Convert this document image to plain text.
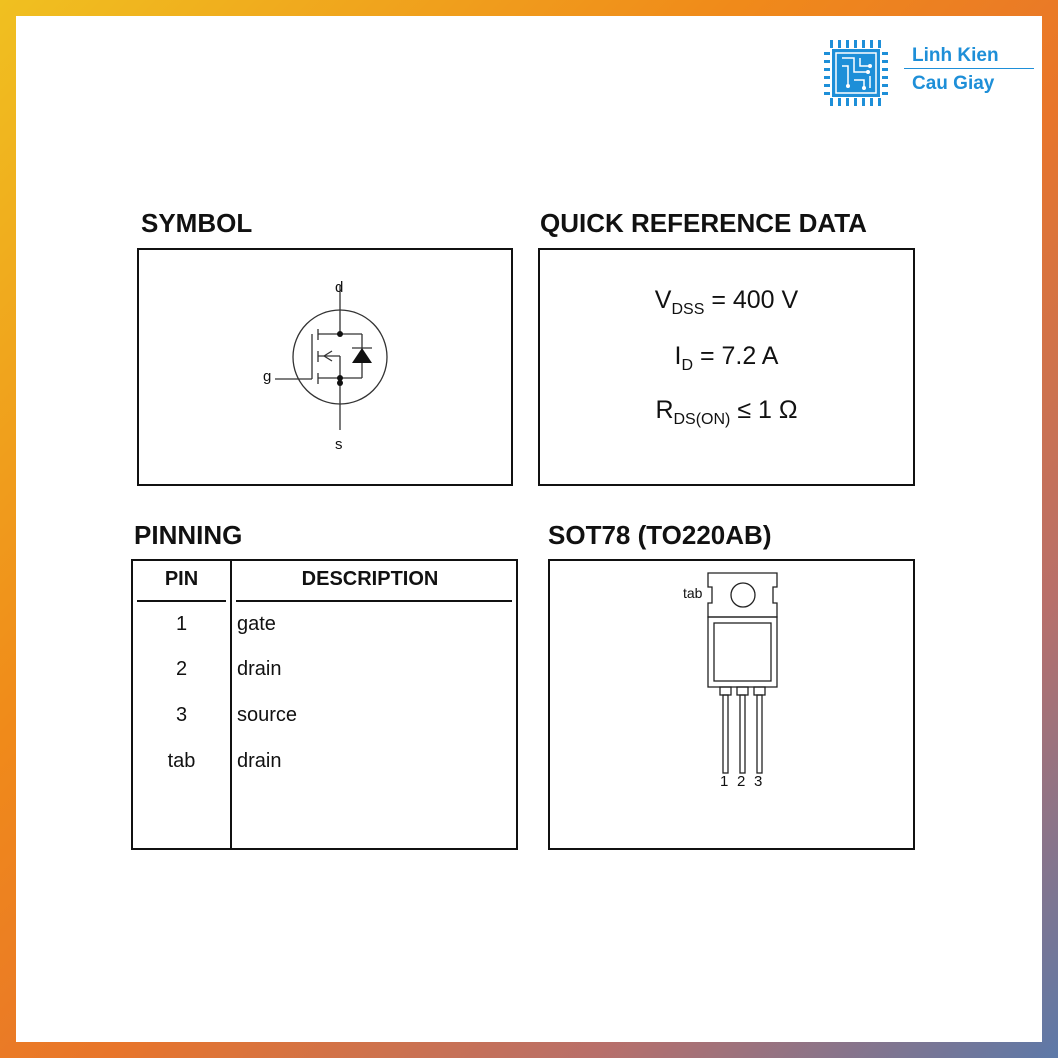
Linh Kien
Cau Giay
SYMBOL
d
g
s
QUICK REFERENCE DATA
$V_{DSS} = 400$ V
$I_D = 7.2$ A
$R_{DS(ON)} \le 1$ Ω
PINNING
PIN	DESCRIPTION
1	gate
2	drain
3	source
tab	drain
SOT78 (TO220AB)
tab
1 2 3
